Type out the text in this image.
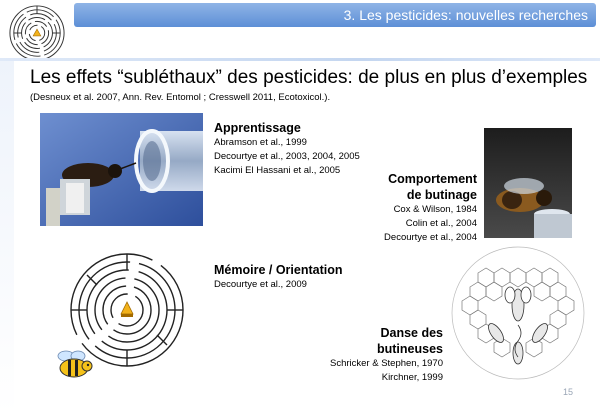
3. Les pesticides: nouvelles recherches
Les effets “subléthaux” des pesticides: de plus en plus d’exemples
(Desneux et al. 2007, Ann. Rev. Entomol ; Cresswell 2011, Ecotoxicol.).
Apprentissage
Abramson et al., 1999
Decourtye et al., 2003, 2004, 2005
Kacimi El Hassani et al., 2005
Comportement
de butinage
Cox & Wilson, 1984
Colin et al., 2004
Decourtye et al., 2004
Mémoire / Orientation
Decourtye et al., 2009
Danse des
butineuses
Schricker & Stephen, 1970
Kirchner, 1999
15
